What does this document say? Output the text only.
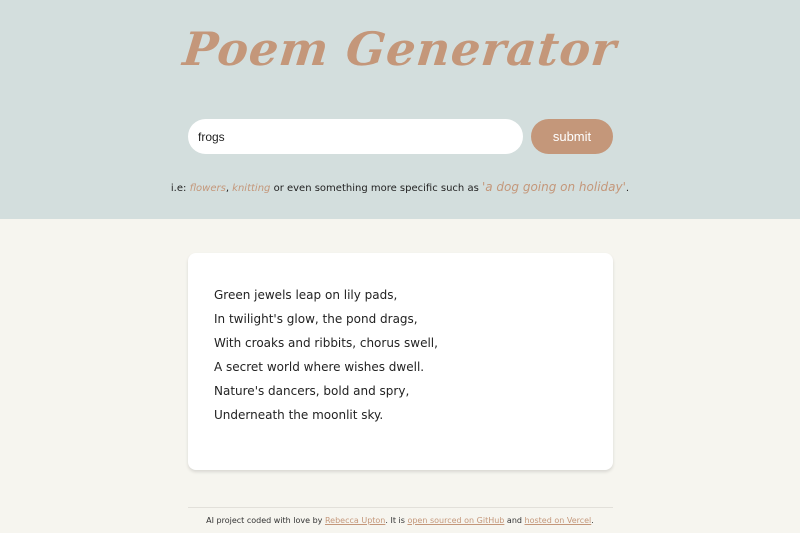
Poem Generator
frogs
submit
i.e: flowers, knitting or even something more specific such as 'a dog going on holiday'.
Green jewels leap on lily pads,
In twilight's glow, the pond drags,
With croaks and ribbits, chorus swell,
A secret world where wishes dwell.
Nature's dancers, bold and spry,
Underneath the moonlit sky.
AI project coded with love by Rebecca Upton. It is open sourced on GitHub and hosted on Vercel.
